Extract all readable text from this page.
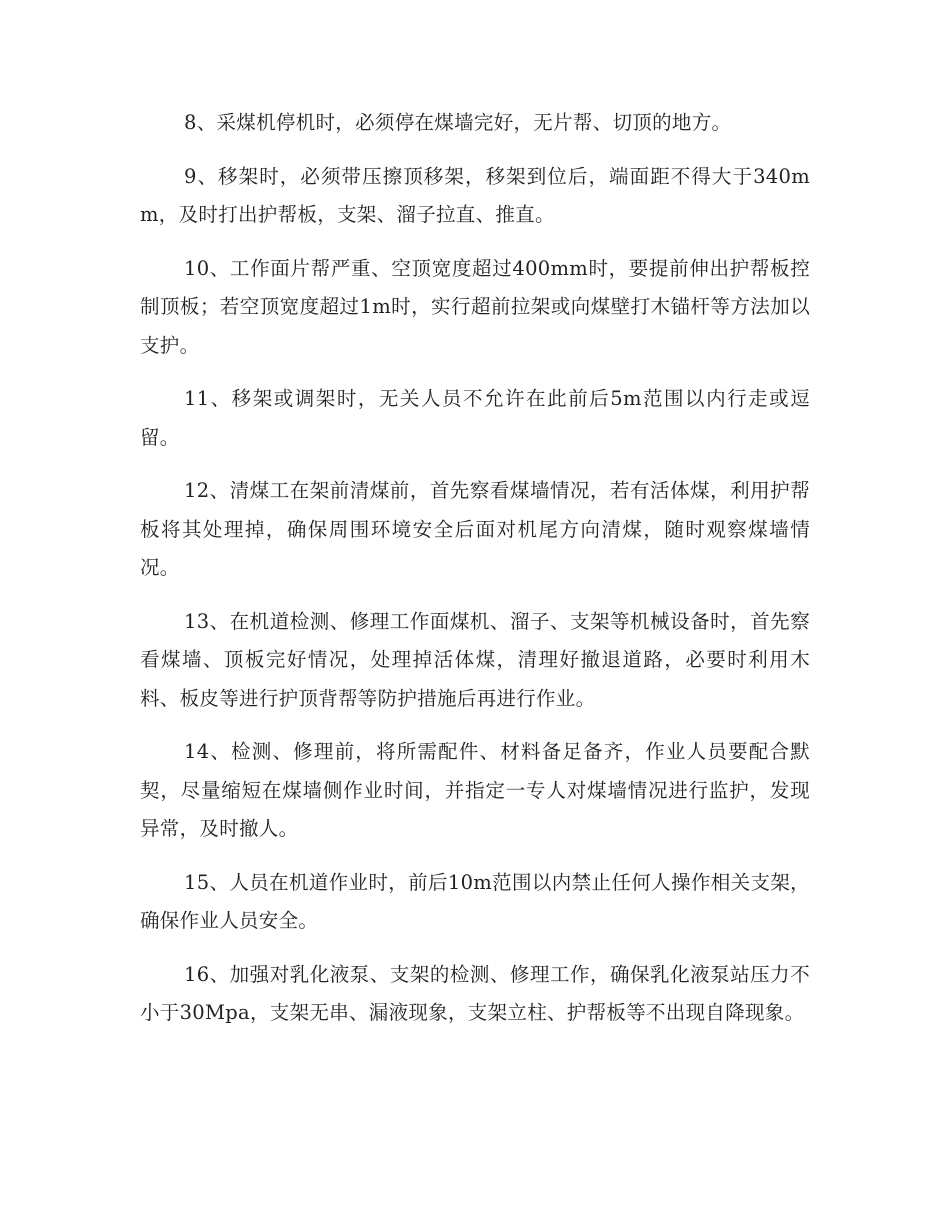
8、采煤机停机时，必须停在煤墙完好，无片帮、切顶的地方。

9、移架时，必须带压擦顶移架，移架到位后，端面距不得大于340mm，及时打出护帮板，支架、溜子拉直、推直。

10、工作面片帮严重、空顶宽度超过400mm时，要提前伸出护帮板控制顶板；若空顶宽度超过1m时，实行超前拉架或向煤壁打木锚杆等方法加以支护。

11、移架或调架时，无关人员不允许在此前后5m范围以内行走或逗留。

12、清煤工在架前清煤前，首先察看煤墙情况，若有活体煤，利用护帮板将其处理掉，确保周围环境安全后面对机尾方向清煤，随时观察煤墙情况。

13、在机道检测、修理工作面煤机、溜子、支架等机械设备时，首先察看煤墙、顶板完好情况，处理掉活体煤，清理好撤退道路，必要时利用木料、板皮等进行护顶背帮等防护措施后再进行作业。

14、检测、修理前，将所需配件、材料备足备齐，作业人员要配合默契，尽量缩短在煤墙侧作业时间，并指定一专人对煤墙情况进行监护，发现异常，及时撤人。

15、人员在机道作业时，前后10m范围以内禁止任何人操作相关支架，确保作业人员安全。

16、加强对乳化液泵、支架的检测、修理工作，确保乳化液泵站压力不小于30Mpa，支架无串、漏液现象，支架立柱、护帮板等不出现自降现象。
